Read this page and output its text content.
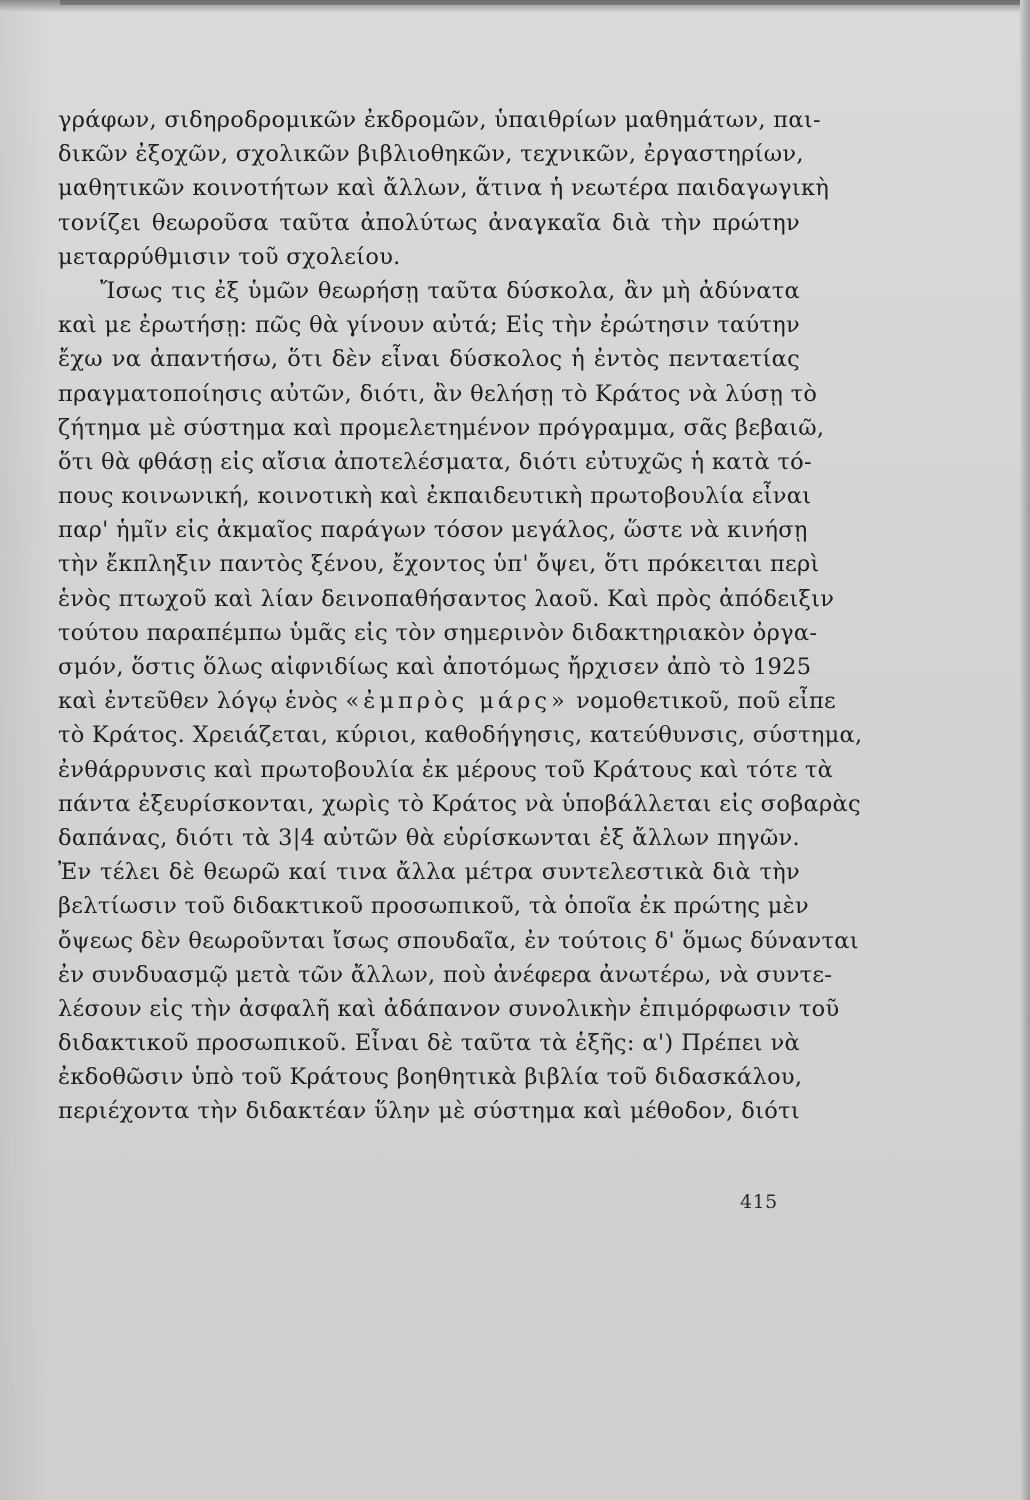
γράφων, σιδηροδρομικῶν ἐκδρομῶν, ὑπαιθρίων μαθημάτων, παι-
δικῶν ἐξοχῶν, σχολικῶν βιβλιοθηκῶν, τεχνικῶν, ἐργαστηρίων,
μαθητικῶν κοινοτήτων καὶ ἄλλων, ἅτινα ἡ νεωτέρα παιδαγωγικὴ
τονίζει θεωροῦσα ταῦτα ἀπολύτως ἀναγκαῖα διὰ τὴν πρώτην
μεταρρύθμισιν τοῦ σχολείου.
Ἴσως τις ἐξ ὑμῶν θεωρήσῃ ταῦτα δύσκολα, ἂν μὴ ἀδύνατα
καὶ με ἐρωτήσῃ: πῶς θὰ γίνουν αὐτά; Εἰς τὴν ἐρώτησιν ταύτην
ἔχω να ἀπαντήσω, ὅτι δὲν εἶναι δύσκολος ἡ ἐντὸς πενταετίας
πραγματοποίησις αὐτῶν, διότι, ἂν θελήσῃ τὸ Κράτος νὰ λύσῃ τὸ
ζήτημα μὲ σύστημα καὶ προμελετημένον πρόγραμμα, σᾶς βεβαιῶ,
ὅτι θὰ φθάσῃ εἰς αἴσια ἀποτελέσματα, διότι εὐτυχῶς ἡ κατὰ τό-
πους κοινωνική, κοινοτικὴ καὶ ἐκπαιδευτικὴ πρωτοβουλία εἶναι
παρ' ἡμῖν εἰς ἀκμαῖος παράγων τόσον μεγάλος, ὥστε νὰ κινήσῃ
τὴν ἔκπληξιν παντὸς ξένου, ἔχοντος ὑπ' ὄψει, ὅτι πρόκειται περὶ
ἑνὸς πτωχοῦ καὶ λίαν δεινοπαθήσαντος λαοῦ. Καὶ πρὸς ἀπόδειξιν
τούτου παραπέμπω ὑμᾶς εἰς τὸν σημερινὸν διδακτηριακὸν ὀργα-
σμόν, ὅστις ὅλως αἰφνιδίως καὶ ἀποτόμως ἤρχισεν ἀπὸ τὸ 1925
καὶ ἐντεῦθεν λόγῳ ἑνὸς «ἐμπρὸς μάρς» νομοθετικοῦ, ποῦ εἶπε
τὸ Κράτος. Χρειάζεται, κύριοι, καθοδήγησις, κατεύθυνσις, σύστημα,
ἐνθάρρυνσις καὶ πρωτοβουλία ἐκ μέρους τοῦ Κράτους καὶ τότε τὰ
πάντα ἐξευρίσκονται, χωρὶς τὸ Κράτος νὰ ὑποβάλλεται εἰς σοβαρὰς
δαπάνας, διότι τὰ 3|4 αὐτῶν θὰ εὑρίσκωνται ἐξ ἄλλων πηγῶν.
Ἐν τέλει δὲ θεωρῶ καί τινα ἄλλα μέτρα συντελεστικὰ διὰ τὴν
βελτίωσιν τοῦ διδακτικοῦ προσωπικοῦ, τὰ ὁποῖα ἐκ πρώτης μὲν
ὄψεως δὲν θεωροῦνται ἴσως σπουδαῖα, ἐν τούτοις δ' ὅμως δύνανται
ἐν συνδυασμῷ μετὰ τῶν ἄλλων, ποὺ ἀνέφερα ἀνωτέρω, νὰ συντε-
λέσουν εἰς τὴν ἀσφαλῆ καὶ ἀδάπανον συνολικὴν ἐπιμόρφωσιν τοῦ
διδακτικοῦ προσωπικοῦ. Εἶναι δὲ ταῦτα τὰ ἑξῆς: α') Πρέπει νὰ
ἐκδοθῶσιν ὑπὸ τοῦ Κράτους βοηθητικὰ βιβλία τοῦ διδασκάλου,
περιέχοντα τὴν διδακτέαν ὕλην μὲ σύστημα καὶ μέθοδον, διότι
415
